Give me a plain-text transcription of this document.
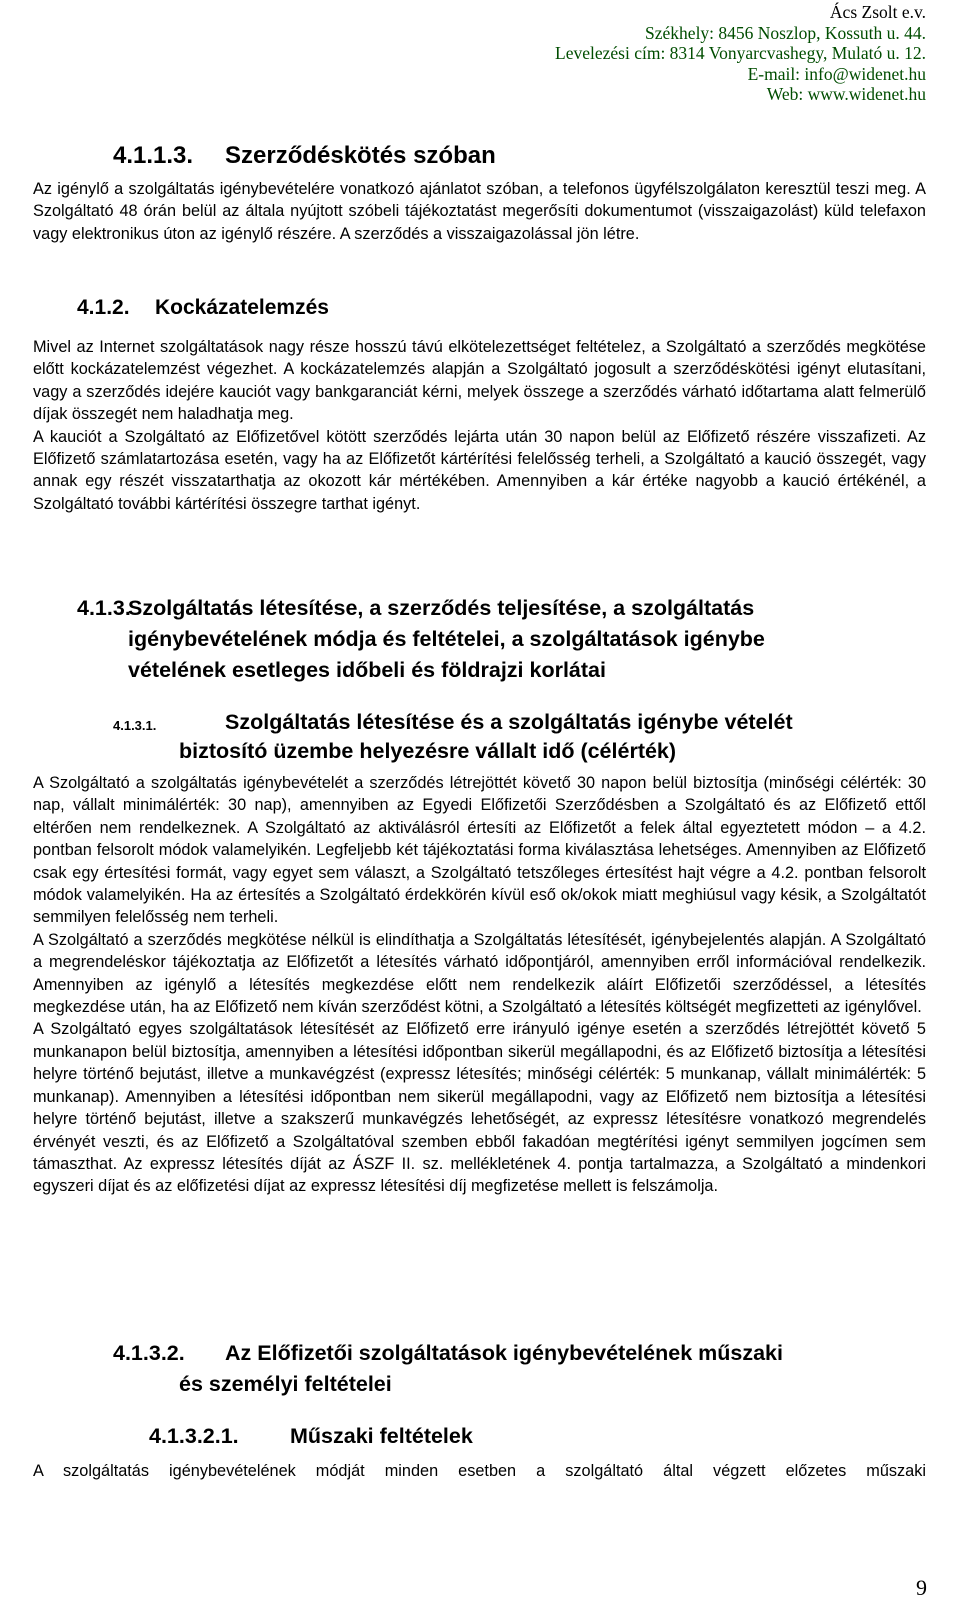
Ács Zsolt e.v.
Székhely: 8456 Noszlop, Kossuth u. 44.
Levelezési cím: 8314 Vonyarcvashegy, Mulató u. 12.
E-mail: info@widenet.hu
Web: www.widenet.hu
4.1.1.3. Szerződéskötés szóban

Az igénylő a szolgáltatás igénybevételére vonatkozó ajánlatot szóban, a telefonos ügyfélszolgálaton keresztül teszi meg. A Szolgáltató 48 órán belül az általa nyújtott szóbeli tájékoztatást megerősíti dokumentumot (visszaigazolást) küld telefaxon vagy elektronikus úton az igénylő részére. A szerződés a visszaigazolással jön létre.

4.1.2. Kockázatelemzés

Mivel az Internet szolgáltatások nagy része hosszú távú elkötelezettséget feltételez, a Szolgáltató a szerződés megkötése előtt kockázatelemzést végezhet. A kockázatelemzés alapján a Szolgáltató jogosult a szerződéskötési igényt elutasítani, vagy a szerződés idejére kauciót vagy bankgaranciát kérni, melyek összege a szerződés várható időtartama alatt felmerülő díjak összegét nem haladhatja meg.

A kauciót a Szolgáltató az Előfizetővel kötött szerződés lejárta után 30 napon belül az Előfizető részére visszafizeti. Az Előfizető számlatartozása esetén, vagy ha az Előfizetőt kártérítési felelősség terheli, a Szolgáltató a kaució összegét, vagy annak egy részét visszatarthatja az okozott kár mértékében. Amennyiben a kár értéke nagyobb a kaució értékénél, a Szolgáltató további kártérítési összegre tarthat igényt.

4.1.3.
Szolgáltatás létesítése, a szerződés teljesítése, a szolgáltatás
igénybevételének módja és feltételei, a szolgáltatások igénybe
vételének esetleges időbeli és földrajzi korlátai
4.1.3.1.	Szolgáltatás létesítése és a szolgáltatás igénybe vételét
biztosító üzembe helyezésre vállalt idő (célérték)

A Szolgáltató a szolgáltatás igénybevételét a szerződés létrejöttét követő 30 napon belül biztosítja (minőségi célérték: 30 nap, vállalt minimálérték: 30 nap), amennyiben az Egyedi Előfizetői Szerződésben a Szolgáltató és az Előfizető ettől eltérően nem rendelkeznek. A Szolgáltató az aktiválásról értesíti az Előfizetőt a felek által egyeztetett módon – a 4.2. pontban felsorolt módok valamelyikén. Legfeljebb két tájékoztatási forma kiválasztása lehetséges. Amennyiben az Előfizető csak egy értesítési formát, vagy egyet sem választ, a Szolgáltató tetszőleges értesítést hajt végre a 4.2. pontban felsorolt módok valamelyikén. Ha az értesítés a Szolgáltató érdekkörén kívül eső ok/okok miatt meghiúsul vagy késik, a Szolgáltatót semmilyen felelősség nem terheli.

A Szolgáltató a szerződés megkötése nélkül is elindíthatja a Szolgáltatás létesítését, igénybejelentés alapján. A Szolgáltató a megrendeléskor tájékoztatja az Előfizetőt a létesítés várható időpontjáról, amennyiben erről információval rendelkezik. Amennyiben az igénylő a létesítés megkezdése előtt nem rendelkezik aláírt Előfizetői szerződéssel, a létesítés megkezdése után, ha az Előfizető nem kíván szerződést kötni, a Szolgáltató a létesítés költségét megfizetteti az igénylővel.

A Szolgáltató egyes szolgáltatások létesítését az Előfizető erre irányuló igénye esetén a szerződés létrejöttét követő 5 munkanapon belül biztosítja, amennyiben a létesítési időpontban sikerül megállapodni, és az Előfizető biztosítja a létesítési helyre történő bejutást, illetve a munkavégzést (expressz létesítés; minőségi célérték: 5 munkanap, vállalt minimálérték: 5 munkanap). Amennyiben a létesítési időpontban nem sikerül megállapodni, vagy az Előfizető nem biztosítja a létesítési helyre történő bejutást, illetve a szakszerű munkavégzés lehetőségét, az expressz létesítésre vonatkozó megrendelés érvényét veszti, és az Előfizető a Szolgáltatóval szemben ebből fakadóan megtérítési igényt semmilyen jogcímen sem támaszthat. Az expressz létesítés díját az ÁSZF II. sz. mellékletének 4. pontja tartalmazza, a Szolgáltató a mindenkori egyszeri díjat és az előfizetési díjat az expressz létesítési díj megfizetése mellett is felszámolja.

4.1.3.2. Az Előfizetői szolgáltatások igénybevételének műszaki
és személyi feltételei
4.1.3.2.1. Műszaki feltételek

A szolgáltatás igénybevételének módját minden esetben a szolgáltató által végzett előzetes műszaki

9
